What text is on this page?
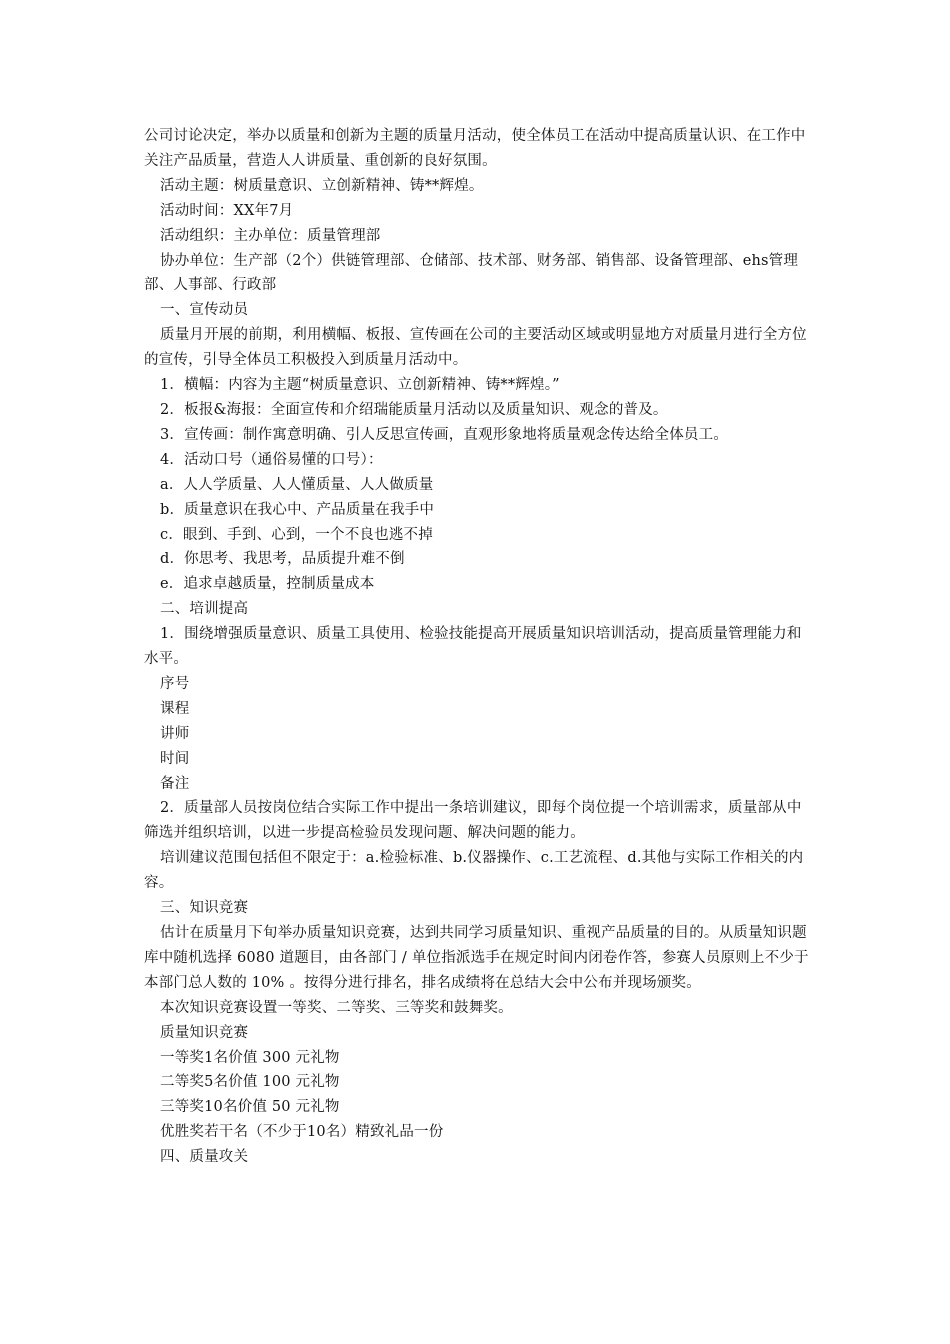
公司讨论决定，举办以质量和创新为主题的质量月活动，使全体员工在活动中提高质量认识、在工作中关注产品质量，营造人人讲质量、重创新的良好氛围。

活动主题：树质量意识、立创新精神、铸**辉煌。

活动时间：XX年7月

活动组织：主办单位：质量管理部

协办单位：生产部（2个）供链管理部、仓储部、技术部、财务部、销售部、设备管理部、ehs管理部、人事部、行政部

一、宣传动员

质量月开展的前期，利用横幅、板报、宣传画在公司的主要活动区域或明显地方对质量月进行全方位的宣传，引导全体员工积极投入到质量月活动中。

1．横幅：内容为主题“树质量意识、立创新精神、铸**辉煌。”

2．板报&海报：全面宣传和介绍瑞能质量月活动以及质量知识、观念的普及。

3．宣传画：制作寓意明确、引人反思宣传画，直观形象地将质量观念传达给全体员工。

4．活动口号（通俗易懂的口号）：

a．人人学质量、人人懂质量、人人做质量

b．质量意识在我心中、产品质量在我手中

c．眼到、手到、心到，一个不良也逃不掉

d．你思考、我思考，品质提升难不倒

e．追求卓越质量，控制质量成本

二、培训提高

1．围绕增强质量意识、质量工具使用、检验技能提高开展质量知识培训活动，提高质量管理能力和水平。

序号

课程

讲师

时间

备注

2．质量部人员按岗位结合实际工作中提出一条培训建议，即每个岗位提一个培训需求，质量部从中筛选并组织培训，以进一步提高检验员发现问题、解决问题的能力。

培训建议范围包括但不限定于：a.检验标准、b.仪器操作、c.工艺流程、d.其他与实际工作相关的内容。

三、知识竞赛

估计在质量月下旬举办质量知识竞赛，达到共同学习质量知识、重视产品质量的目的。从质量知识题库中随机选择 6080 道题目，由各部门 / 单位指派选手在规定时间内闭卷作答，参赛人员原则上不少于本部门总人数的 10% 。按得分进行排名，排名成绩将在总结大会中公布并现场颁奖。

本次知识竞赛设置一等奖、二等奖、三等奖和鼓舞奖。

质量知识竞赛

一等奖1名价值 300 元礼物

二等奖5名价值 100 元礼物

三等奖10名价值 50 元礼物

优胜奖若干名（不少于10名）精致礼品一份

四、质量攻关
